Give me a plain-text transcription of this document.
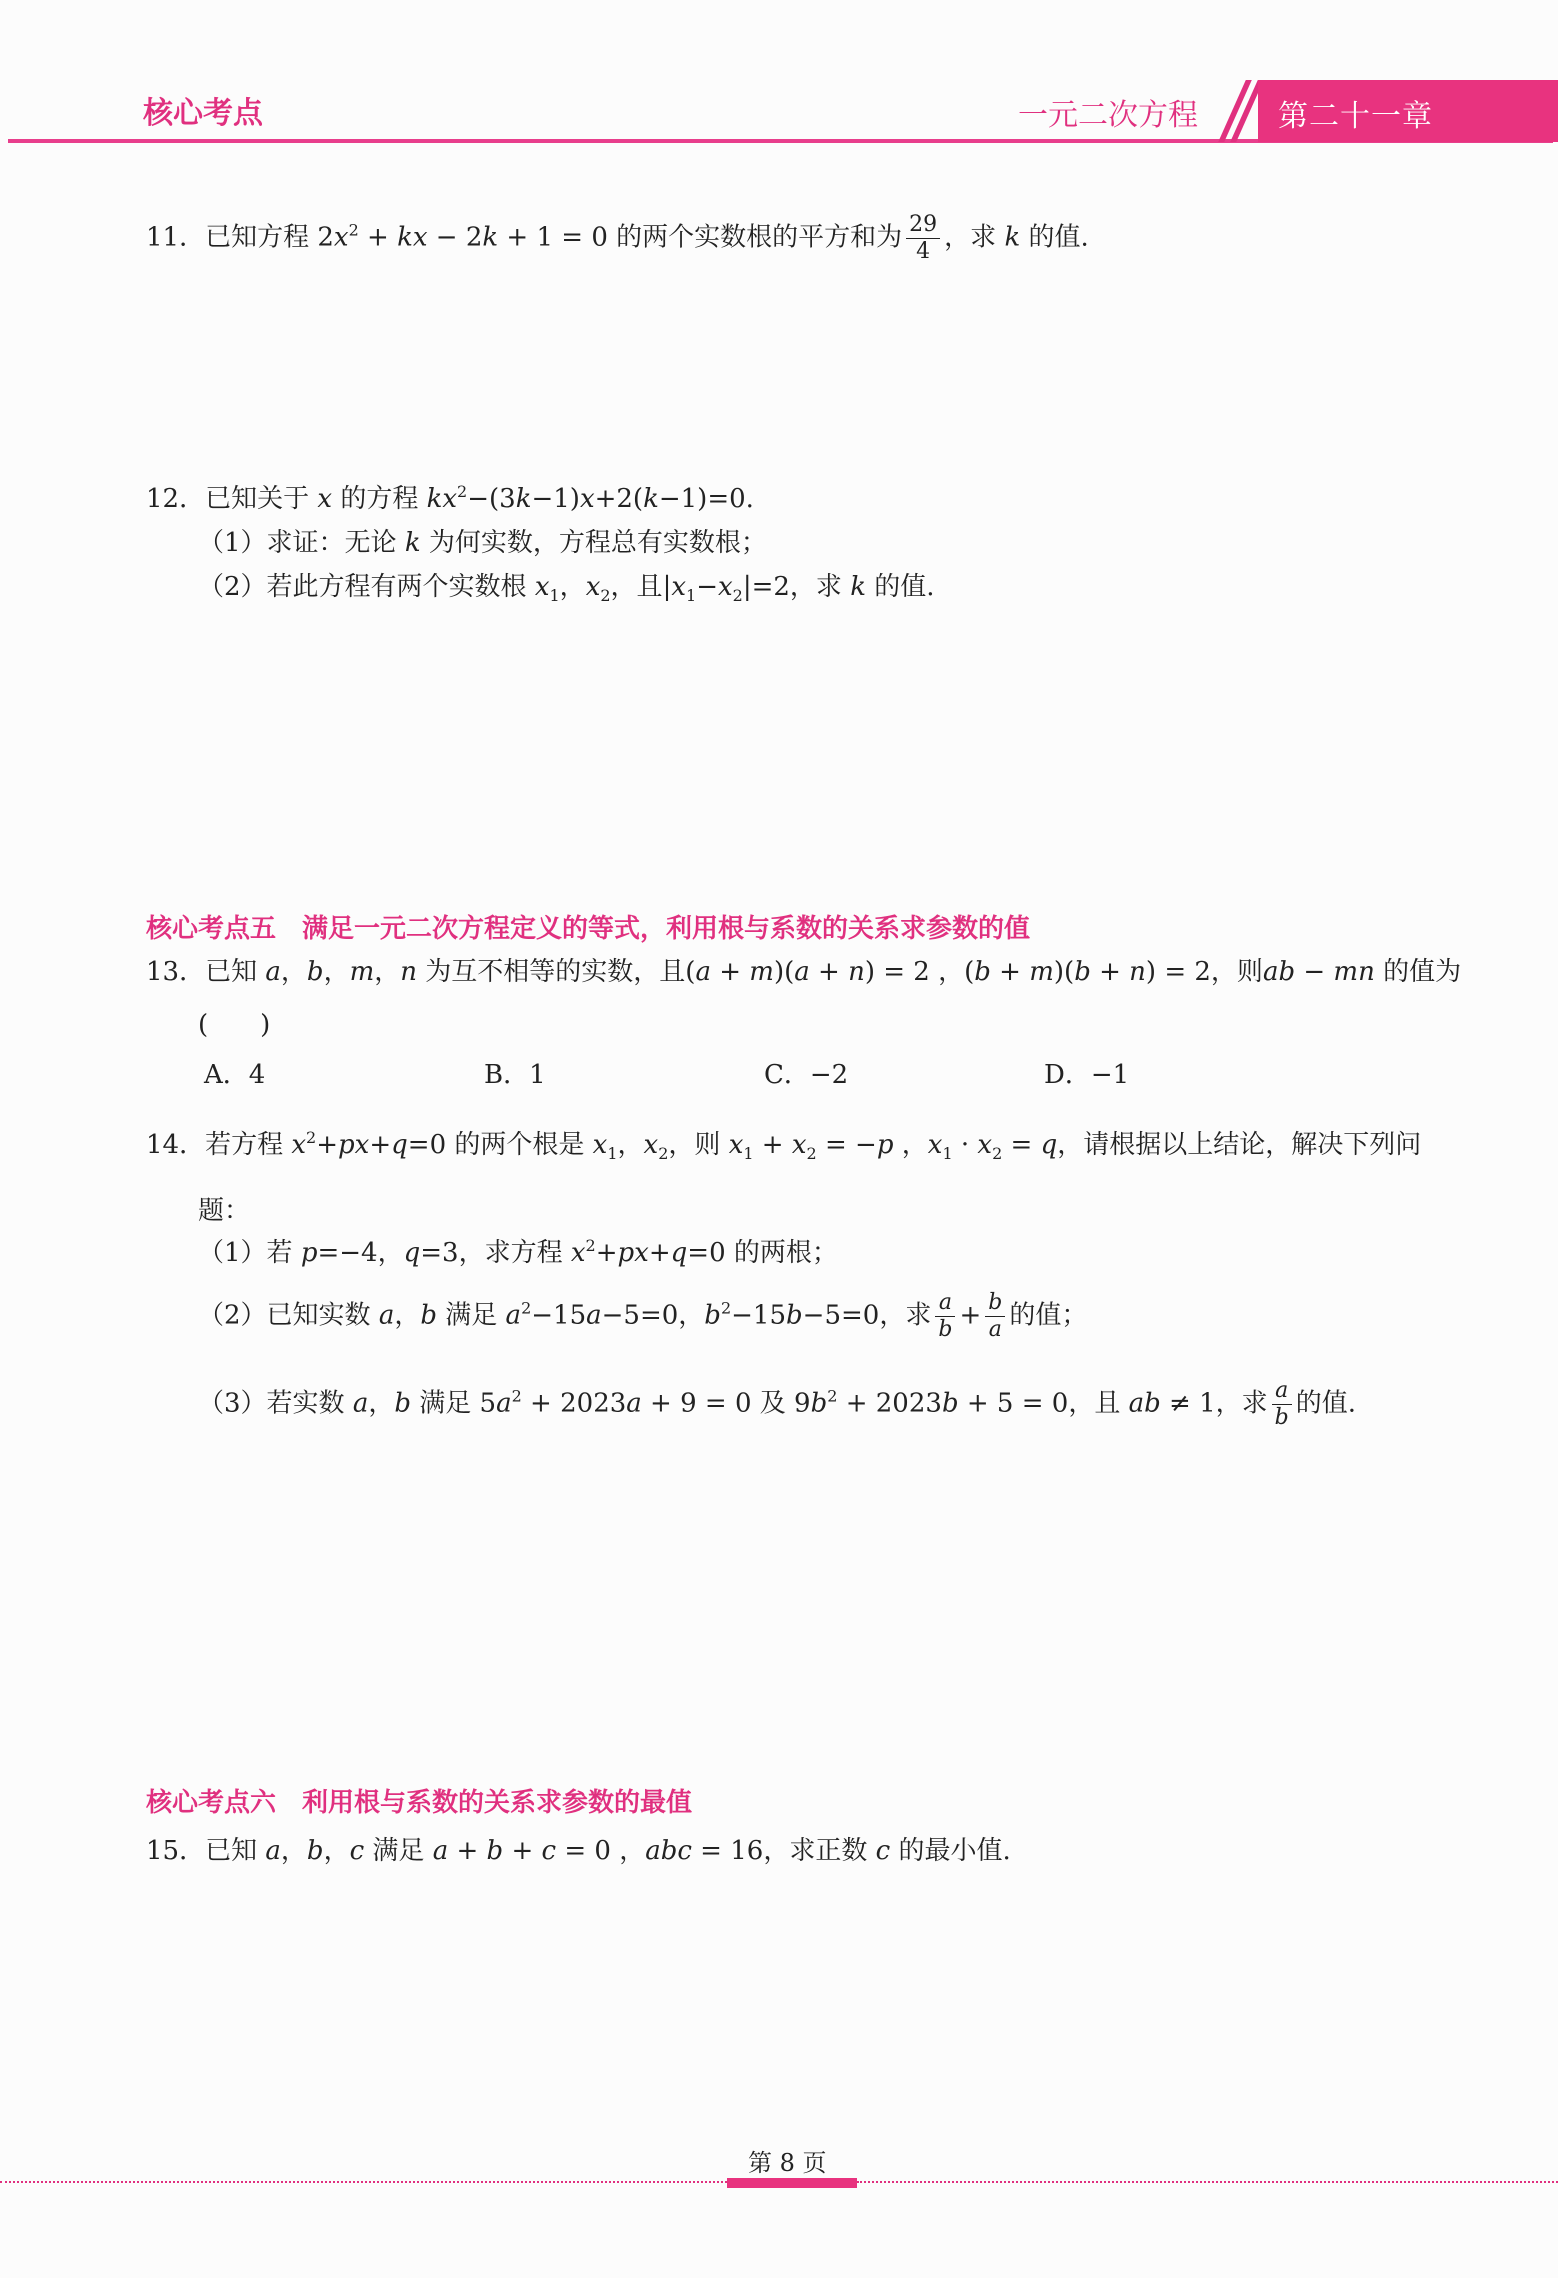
核心考点	一元二次方程	第二十一章
11．已知方程 $2x^2$ + kx − 2k + 1 = 0 的两个实数根的平方和为 $\frac{29}{4}$ ，求 k 的值.
12．已知关于 x 的方程 $kx^2-(3k-1)x+2(k-1)=0$.
（1）求证：无论 k 为何实数，方程总有实数根；
（2）若此方程有两个实数根 $x_1$，$x_2$，且$|x_1-x_2|=2$，求 k 的值.
核心考点五　满足一元二次方程定义的等式，利用根与系数的关系求参数的值
13．已知 a，b，m，n 为互不相等的实数，且(a + m)(a + n) = 2 ，(b + m)(b + n) = 2，则ab − mn 的值为
(　　)
A．4	B．1	C．−2	D．−1
14．若方程 $x^2+px+q=0$ 的两个根是 $x_1$，$x_2$，则 $x_1 + x_2 = -p$ ，$x_1 \cdot x_2 = q$，请根据以上结论，解决下列问
题：
（1）若 p=−4，q=3，求方程 $x^2+px+q=0$ 的两根；
（2）已知实数 a，b 满足 $a^2-15a-5=0$，$b^2-15b-5=0$，求 $\frac{a}{b} + \frac{b}{a}$ 的值；
（3）若实数 a，b 满足 $5a^2 + 2023a + 9 = 0$ 及 $9b^2 + 2023b + 5 = 0$，且 ab ≠ 1，求 $\frac{a}{b}$ 的值.
核心考点六　利用根与系数的关系求参数的最值
15．已知 a，b，c 满足 a + b + c = 0 ，abc = 16，求正数 c 的最小值.
第 8 页
